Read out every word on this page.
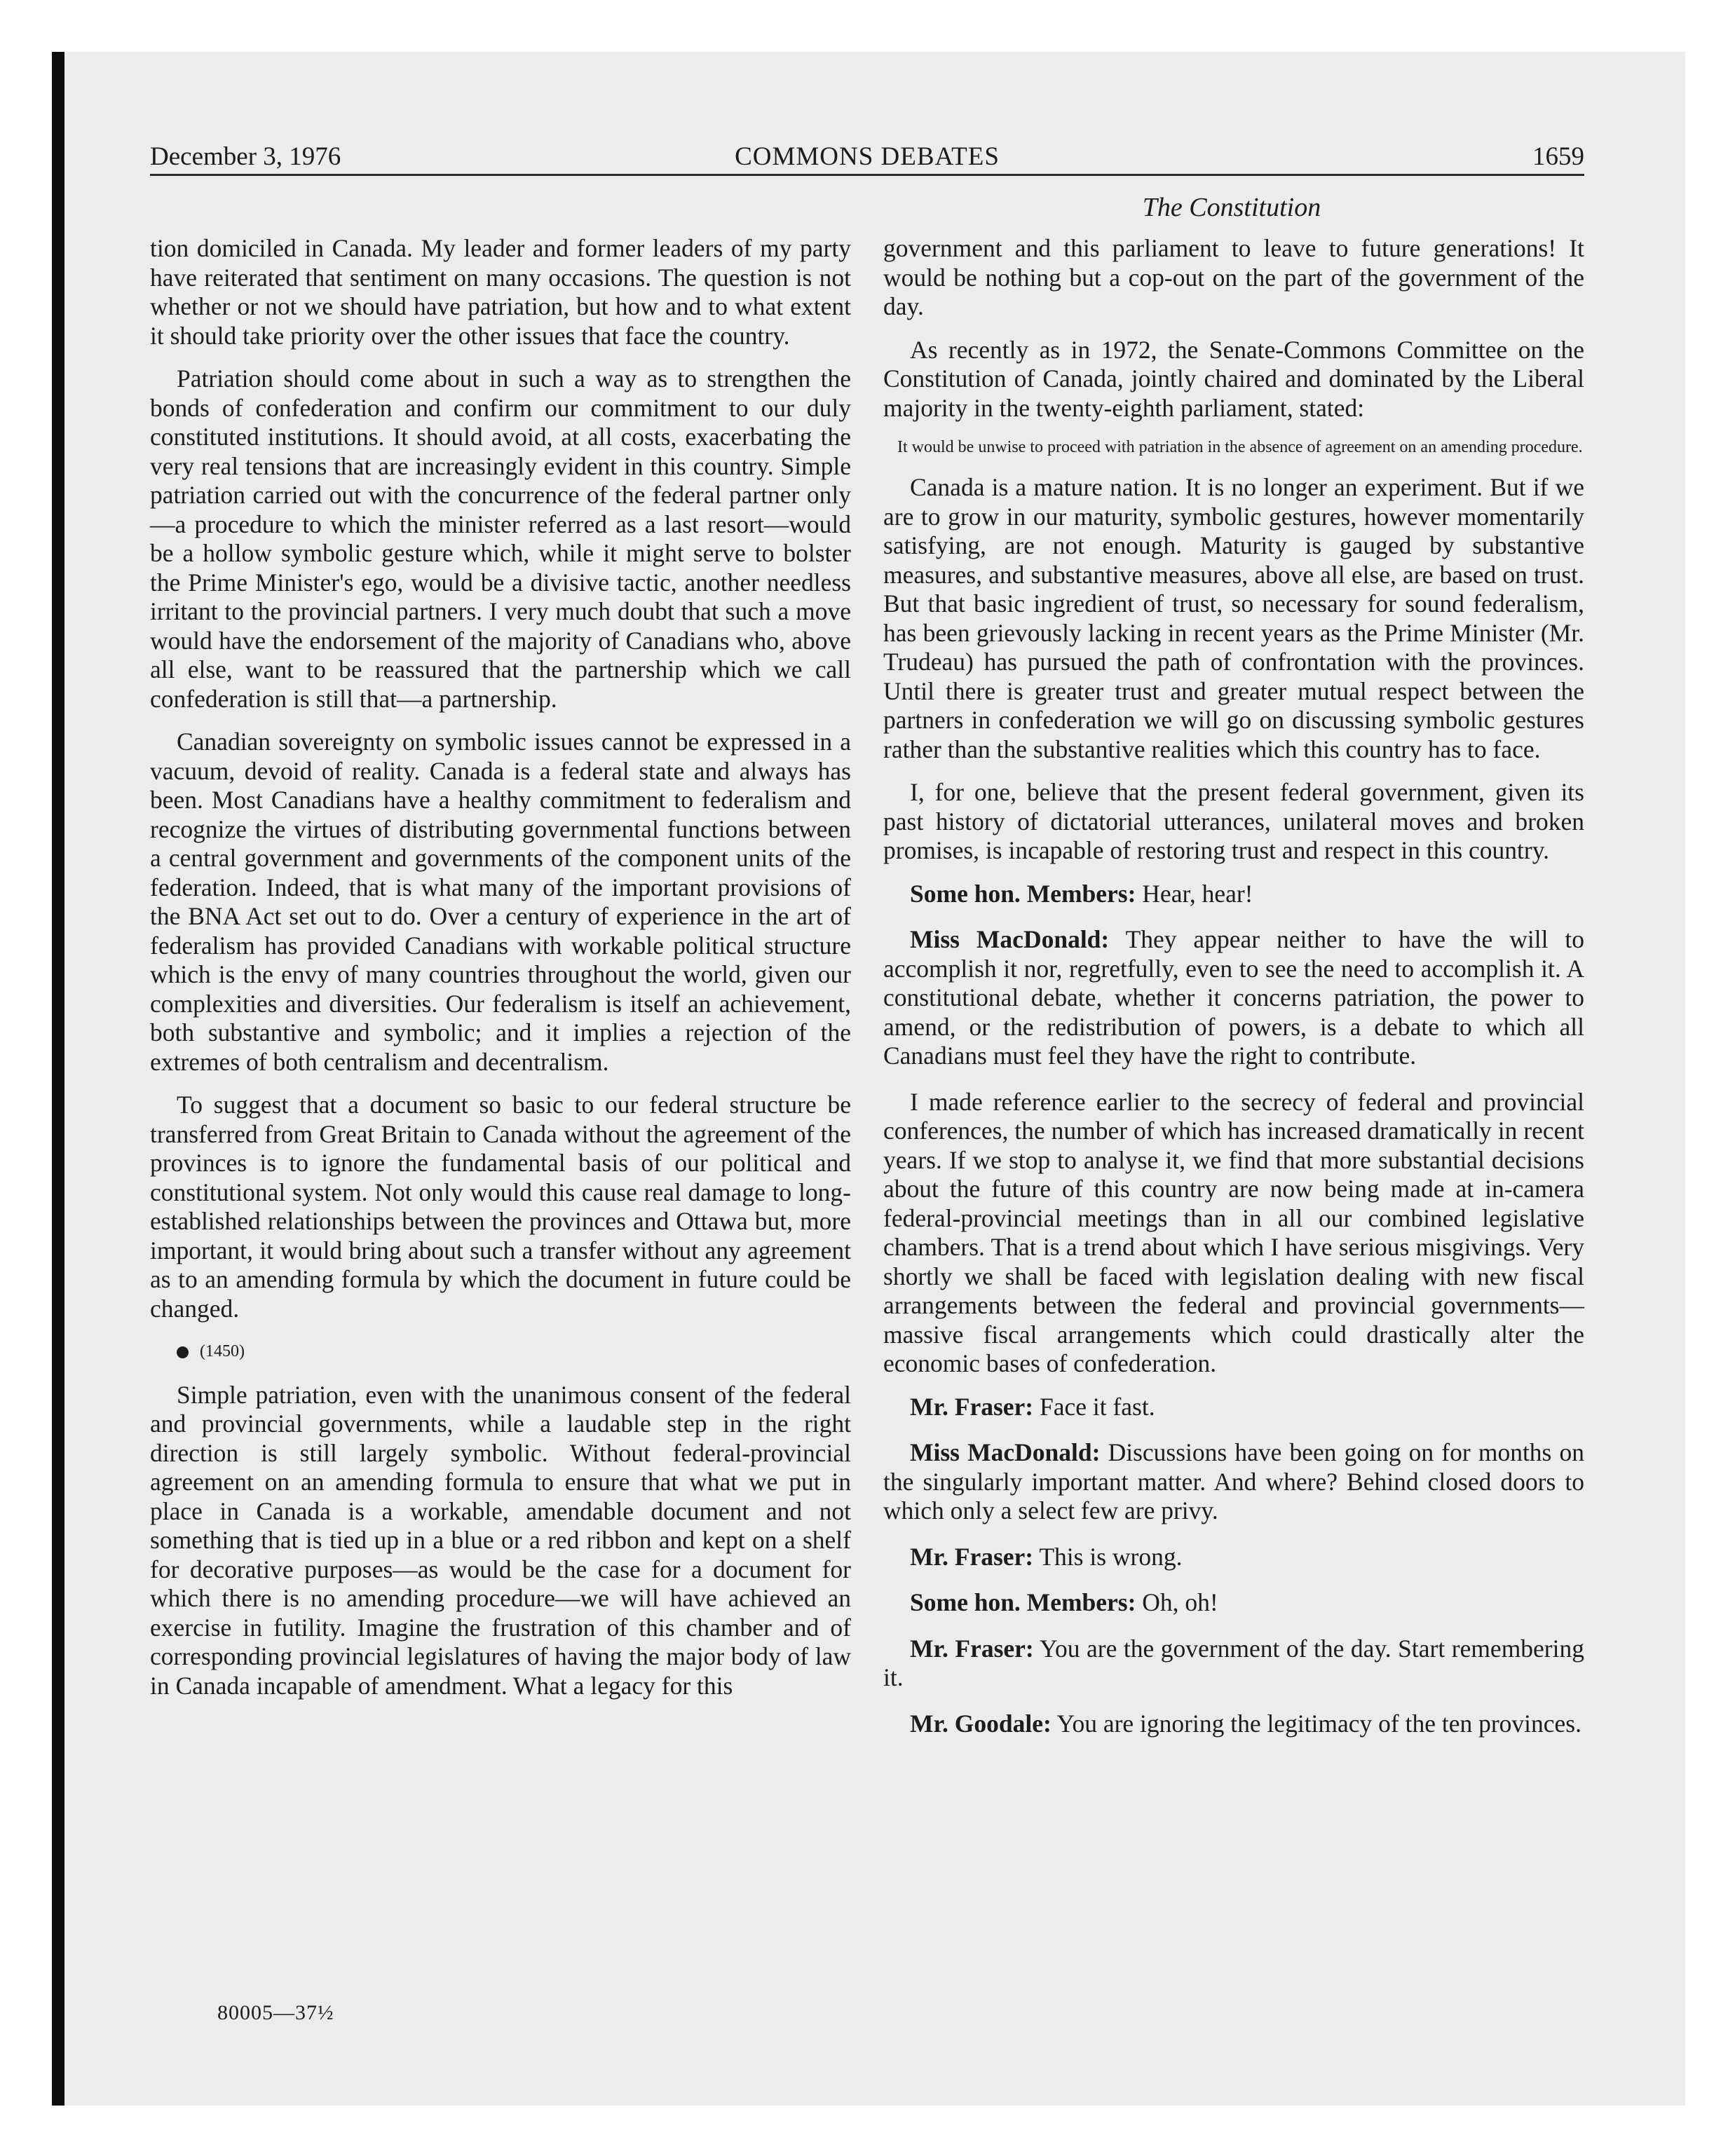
December 3, 1976	COMMONS DEBATES	1659
The Constitution

tion domiciled in Canada. My leader and former leaders of my party have reiterated that sentiment on many occasions. The question is not whether or not we should have patriation, but how and to what extent it should take priority over the other issues that face the country.

Patriation should come about in such a way as to strengthen the bonds of confederation and confirm our commitment to our duly constituted institutions. It should avoid, at all costs, exacerbating the very real tensions that are increasingly evident in this country. Simple patriation carried out with the concurrence of the federal partner only—a procedure to which the minister referred as a last resort—would be a hollow symbolic gesture which, while it might serve to bolster the Prime Minister's ego, would be a divisive tactic, another needless irritant to the provincial partners. I very much doubt that such a move would have the endorsement of the majority of Canadians who, above all else, want to be reassured that the partnership which we call confederation is still that—a partnership.

Canadian sovereignty on symbolic issues cannot be expressed in a vacuum, devoid of reality. Canada is a federal state and always has been. Most Canadians have a healthy commitment to federalism and recognize the virtues of distributing governmental functions between a central government and governments of the component units of the federation. Indeed, that is what many of the important provisions of the BNA Act set out to do. Over a century of experience in the art of federalism has provided Canadians with workable political structure which is the envy of many countries throughout the world, given our complexities and diversities. Our federalism is itself an achievement, both substantive and symbolic; and it implies a rejection of the extremes of both centralism and decentralism.

To suggest that a document so basic to our federal structure be transferred from Great Britain to Canada without the agreement of the provinces is to ignore the fundamental basis of our political and constitutional system. Not only would this cause real damage to long-established relationships between the provinces and Ottawa but, more important, it would bring about such a transfer without any agreement as to an amending formula by which the document in future could be changed.

(1450)

Simple patriation, even with the unanimous consent of the federal and provincial governments, while a laudable step in the right direction is still largely symbolic. Without federal-provincial agreement on an amending formula to ensure that what we put in place in Canada is a workable, amendable document and not something that is tied up in a blue or a red ribbon and kept on a shelf for decorative purposes—as would be the case for a document for which there is no amending procedure—we will have achieved an exercise in futility. Imagine the frustration of this chamber and of corresponding provincial legislatures of having the major body of law in Canada incapable of amendment. What a legacy for this

government and this parliament to leave to future generations! It would be nothing but a cop-out on the part of the government of the day.

As recently as in 1972, the Senate-Commons Committee on the Constitution of Canada, jointly chaired and dominated by the Liberal majority in the twenty-eighth parliament, stated:

It would be unwise to proceed with patriation in the absence of agreement on an amending procedure.

Canada is a mature nation. It is no longer an experiment. But if we are to grow in our maturity, symbolic gestures, however momentarily satisfying, are not enough. Maturity is gauged by substantive measures, and substantive measures, above all else, are based on trust. But that basic ingredient of trust, so necessary for sound federalism, has been grievously lacking in recent years as the Prime Minister (Mr. Trudeau) has pursued the path of confrontation with the provinces. Until there is greater trust and greater mutual respect between the partners in confederation we will go on discussing symbolic gestures rather than the substantive realities which this country has to face.

I, for one, believe that the present federal government, given its past history of dictatorial utterances, unilateral moves and broken promises, is incapable of restoring trust and respect in this country.

Some hon. Members: Hear, hear!

Miss MacDonald: They appear neither to have the will to accomplish it nor, regretfully, even to see the need to accomplish it. A constitutional debate, whether it concerns patriation, the power to amend, or the redistribution of powers, is a debate to which all Canadians must feel they have the right to contribute.

I made reference earlier to the secrecy of federal and provincial conferences, the number of which has increased dramatically in recent years. If we stop to analyse it, we find that more substantial decisions about the future of this country are now being made at in-camera federal-provincial meetings than in all our combined legislative chambers. That is a trend about which I have serious misgivings. Very shortly we shall be faced with legislation dealing with new fiscal arrangements between the federal and provincial governments—massive fiscal arrangements which could drastically alter the economic bases of confederation.

Mr. Fraser: Face it fast.

Miss MacDonald: Discussions have been going on for months on the singularly important matter. And where? Behind closed doors to which only a select few are privy.

Mr. Fraser: This is wrong.

Some hon. Members: Oh, oh!

Mr. Fraser: You are the government of the day. Start remembering it.

Mr. Goodale: You are ignoring the legitimacy of the ten provinces.

80005—37½
